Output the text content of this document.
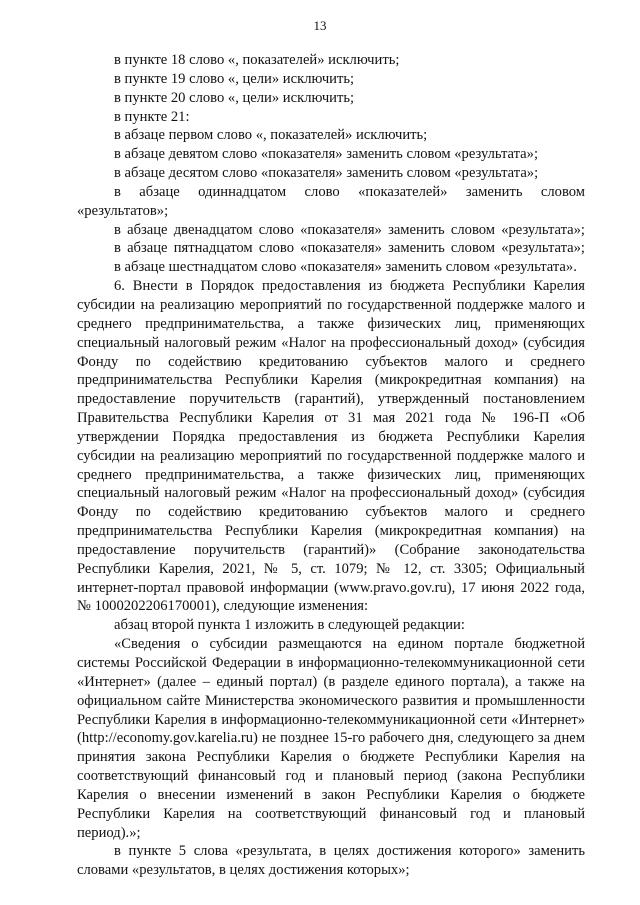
13

в пункте 18 слово «, показателей» исключить;

в пункте 19 слово «, цели» исключить;

в пункте 20 слово «, цели» исключить;

в пункте 21:

в абзаце первом слово «, показателей» исключить;

в абзаце девятом слово «показателя» заменить словом «результата»;

в абзаце десятом слово «показателя» заменить словом «результата»;

в абзаце одиннадцатом слово «показателей» заменить словом «результатов»;

в абзаце двенадцатом слово «показателя» заменить словом «результата»;

в абзаце пятнадцатом слово «показателя» заменить словом «результата»;

в абзаце шестнадцатом слово «показателя» заменить словом «результата».

6. Внести в Порядок предоставления из бюджета Республики Карелия субсидии на реализацию мероприятий по государственной поддержке малого и среднего предпринимательства, а также физических лиц, применяющих специальный налоговый режим «Налог на профессиональный доход» (субсидия Фонду по содействию кредитованию субъектов малого и среднего предпринимательства Республики Карелия (микрокредитная компания) на предоставление поручительств (гарантий), утвержденный постановлением Правительства Республики Карелия от 31 мая 2021 года № 196-П «Об утверждении Порядка предоставления из бюджета Республики Карелия субсидии на реализацию мероприятий по государственной поддержке малого и среднего предпринимательства, а также физических лиц, применяющих специальный налоговый режим «Налог на профессиональный доход» (субсидия Фонду по содействию кредитованию субъектов малого и среднего предпринимательства Республики Карелия (микрокредитная компания) на предоставление поручительств (гарантий)» (Собрание законодательства Республики Карелия, 2021, № 5, ст. 1079; № 12, ст. 3305; Официальный интернет-портал правовой информации (www.pravo.gov.ru), 17 июня 2022 года, № 1000202206170001), следующие изменения:

абзац второй пункта 1 изложить в следующей редакции:

«Сведения о субсидии размещаются на едином портале бюджетной системы Российской Федерации в информационно-телекоммуникационной сети «Интернет» (далее – единый портал) (в разделе единого портала), а также на официальном сайте Министерства экономического развития и промышленности Республики Карелия в информационно-телекоммуникационной сети «Интернет» (http://economy.gov.karelia.ru) не позднее 15-го рабочего дня, следующего за днем принятия закона Республики Карелия о бюджете Республики Карелия на соответствующий финансовый год и плановый период (закона Республики Карелия о внесении изменений в закон Республики Карелия о бюджете Республики Карелия на соответствующий финансовый год и плановый период).»;

в пункте 5 слова «результата, в целях достижения которого» заменить словами «результатов, в целях достижения которых»;
